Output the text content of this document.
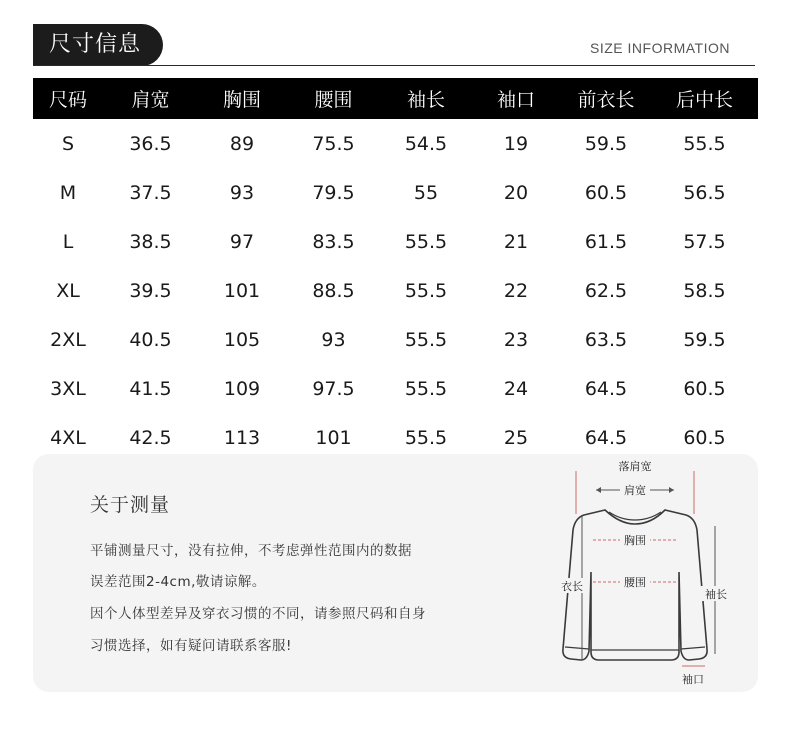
尺寸信息	SIZE INFORMATION
尺码	肩宽	胸围	腰围	袖长	袖口	前衣长	后中长
S	36.5	89	75.5	54.5	19	59.5	55.5
M	37.5	93	79.5	55	20	60.5	56.5
L	38.5	97	83.5	55.5	21	61.5	57.5
XL	39.5	101	88.5	55.5	22	62.5	58.5
2XL	40.5	105	93	55.5	23	63.5	59.5
3XL	41.5	109	97.5	55.5	24	64.5	60.5
4XL	42.5	113	101	55.5	25	64.5	60.5
关于测量
平铺测量尺寸，没有拉伸，不考虑弹性范围内的数据
误差范围2-4cm,敬请谅解。
因个人体型差异及穿衣习惯的不同，请参照尺码和自身
习惯选择，如有疑问请联系客服!
落肩宽
肩宽
胸围
腰围
衣长
袖长
袖口
